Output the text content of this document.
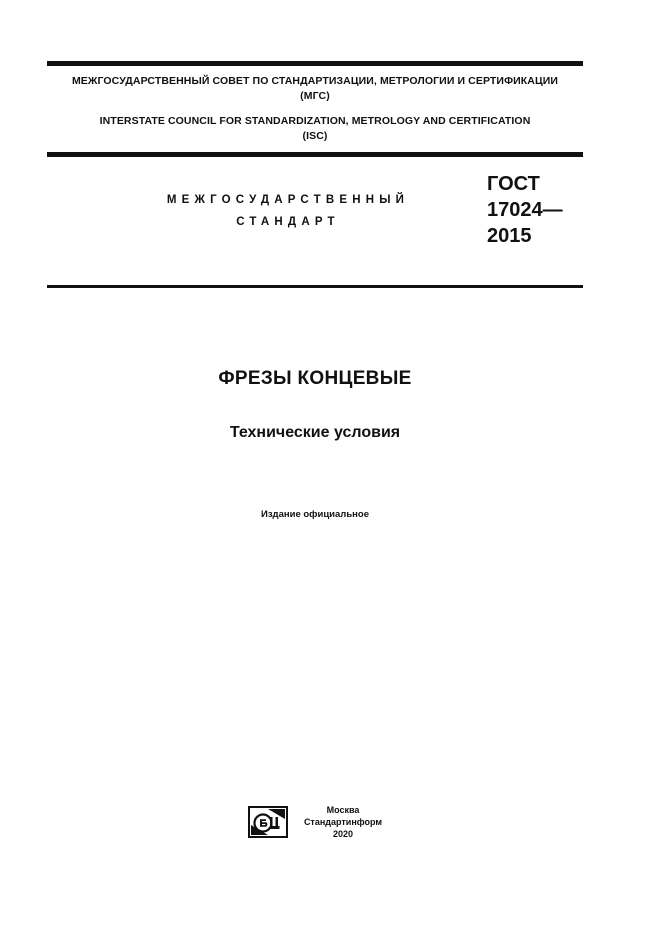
МЕЖГОСУДАРСТВЕННЫЙ СОВЕТ ПО СТАНДАРТИЗАЦИИ, МЕТРОЛОГИИ И СЕРТИФИКАЦИИ
(МГС)
INTERSTATE COUNCIL FOR STANDARDIZATION, METROLOGY AND CERTIFICATION
(ISC)
МЕЖГОСУДАРСТВЕННЫЙ
СТАНДАРТ
ГОСТ
17024—
2015
ФРЕЗЫ КОНЦЕВЫЕ
Технические условия
Издание официальное
Москва
Стандартинформ
2020
